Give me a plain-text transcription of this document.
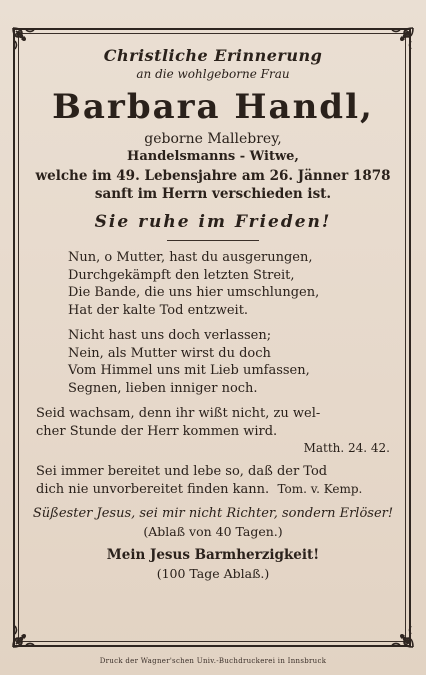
Christliche Erinnerung
an die wohlgeborne Frau
Barbara Handl,
geborne Mallebrey,
Handelsmanns - Witwe,
welche im 49. Lebensjahre am 26. Jänner 1878
sanft im Herrn verschieden ist.
Sie ruhe im Frieden!
Nun, o Mutter, hast du ausgerungen,
Durchgekämpft den letzten Streit,
Die Bande, die uns hier umschlungen,
Hat der kalte Tod entzweit.
Nicht hast uns doch verlassen;
Nein, als Mutter wirst du doch
Vom Himmel uns mit Lieb umfassen,
Segnen, lieben inniger noch.
Seid wachsam, denn ihr wißt nicht, zu wel-
cher Stunde der Herr kommen wird.
Matth. 24. 42.
Sei immer bereitet und lebe so, daß der Tod
dich nie unvorbereitet finden kann. Tom. v. Kemp.
Süßester Jesus, sei mir nicht Richter, sondern Erlöser!
(Ablaß von 40 Tagen.)
Mein Jesus Barmherzigkeit!
(100 Tage Ablaß.)
Druck der Wagner'schen Univ.-Buchdruckerei in Innsbruck
